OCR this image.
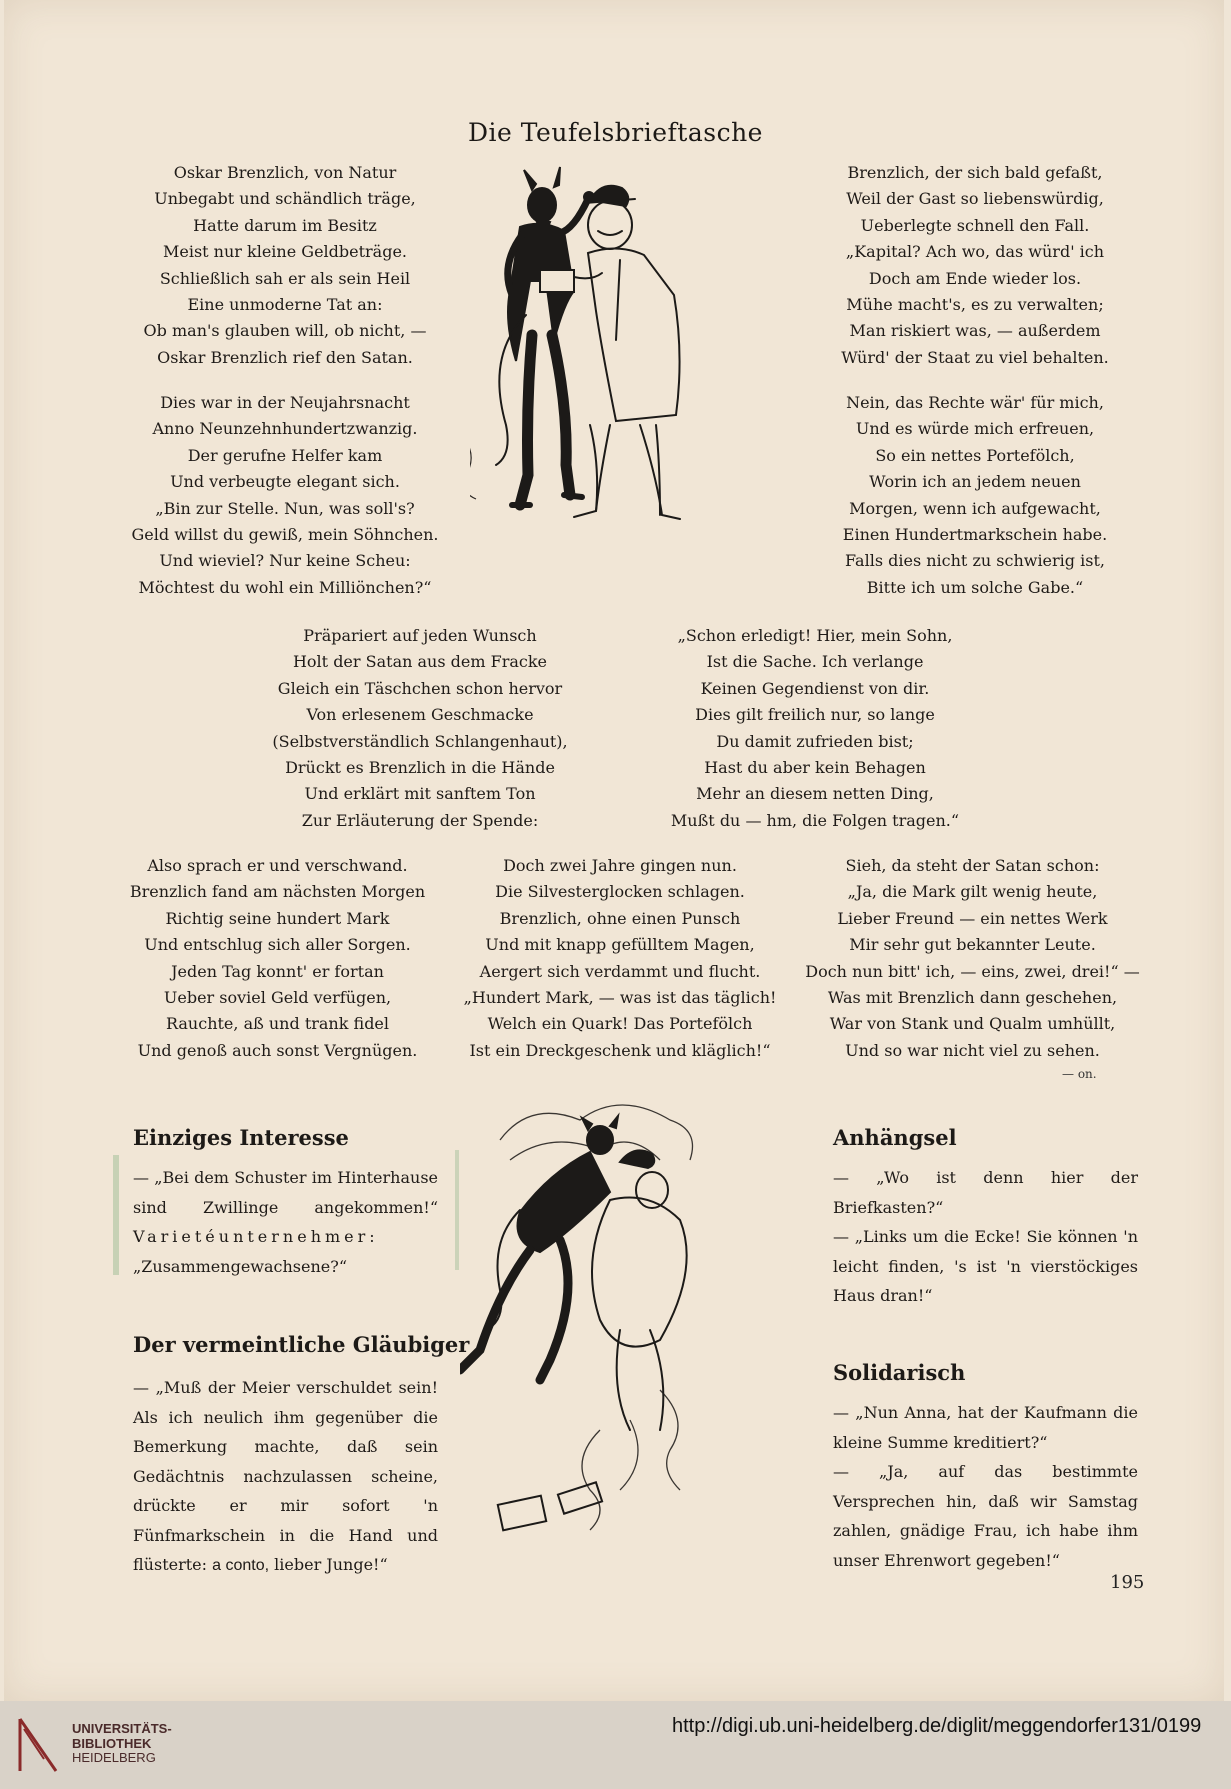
Die Teufelsbrieftasche
Oskar Brenzlich, von Natur
Unbegabt und schändlich träge,
Hatte darum im Besitz
Meist nur kleine Geldbeträge.
Schließlich sah er als sein Heil
Eine unmoderne Tat an:
Ob man's glauben will, ob nicht, —
Oskar Brenzlich rief den Satan.
Dies war in der Neujahrsnacht
Anno Neunzehnhundertzwanzig.
Der gerufne Helfer kam
Und verbeugte elegant sich.
„Bin zur Stelle. Nun, was soll's?
Geld willst du gewiß, mein Söhnchen.
Und wieviel? Nur keine Scheu:
Möchtest du wohl ein Milliönchen?“
Brenzlich, der sich bald gefaßt,
Weil der Gast so liebenswürdig,
Ueberlegte schnell den Fall.
„Kapital? Ach wo, das würd' ich
Doch am Ende wieder los.
Mühe macht's, es zu verwalten;
Man riskiert was, — außerdem
Würd' der Staat zu viel behalten.
Nein, das Rechte wär' für mich,
Und es würde mich erfreuen,
So ein nettes Portefölch,
Worin ich an jedem neuen
Morgen, wenn ich aufgewacht,
Einen Hundertmarkschein habe.
Falls dies nicht zu schwierig ist,
Bitte ich um solche Gabe.“
Präpariert auf jeden Wunsch
Holt der Satan aus dem Fracke
Gleich ein Täschchen schon hervor
Von erlesenem Geschmacke
(Selbstverständlich Schlangenhaut),
Drückt es Brenzlich in die Hände
Und erklärt mit sanftem Ton
Zur Erläuterung der Spende:
„Schon erledigt! Hier, mein Sohn,
Ist die Sache. Ich verlange
Keinen Gegendienst von dir.
Dies gilt freilich nur, so lange
Du damit zufrieden bist;
Hast du aber kein Behagen
Mehr an diesem netten Ding,
Mußt du — hm, die Folgen tragen.“
Also sprach er und verschwand.
Brenzlich fand am nächsten Morgen
Richtig seine hundert Mark
Und entschlug sich aller Sorgen.
Jeden Tag konnt' er fortan
Ueber soviel Geld verfügen,
Rauchte, aß und trank fidel
Und genoß auch sonst Vergnügen.
Doch zwei Jahre gingen nun.
Die Silvesterglocken schlagen.
Brenzlich, ohne einen Punsch
Und mit knapp gefülltem Magen,
Aergert sich verdammt und flucht.
„Hundert Mark, — was ist das täglich!
Welch ein Quark! Das Portefölch
Ist ein Dreckgeschenk und kläglich!“
Sieh, da steht der Satan schon:
„Ja, die Mark gilt wenig heute,
Lieber Freund — ein nettes Werk
Mir sehr gut bekannter Leute.
Doch nun bitt' ich, — eins, zwei, drei!“ —
Was mit Brenzlich dann geschehen,
War von Stank und Qualm umhüllt,
Und so war nicht viel zu sehen.
— on.
Einziges Interesse

— „Bei dem Schuster im Hinterhause sind Zwillinge angekommen!“ Varietéunternehmer: „Zusammengewachsene?“

Der vermeintliche Gläubiger

— „Muß der Meier verschuldet sein! Als ich neulich ihm gegenüber die Bemerkung machte, daß sein Gedächtnis nachzulassen scheine, drückte er mir sofort 'n Fünfmarkschein in die Hand und flüsterte: a conto, lieber Junge!“

Anhängsel

— „Wo ist denn hier der Briefkasten?“

— „Links um die Ecke! Sie können 'n leicht finden, 's ist 'n vierstöckiges Haus dran!“

Solidarisch

— „Nun Anna, hat der Kaufmann die kleine Summe kreditiert?“

— „Ja, auf das bestimmte Versprechen hin, daß wir Samstag zahlen, gnädige Frau, ich habe ihm unser Ehrenwort gegeben!“

195
UNIVERSITÄTS-
BIBLIOTHEK
HEIDELBERG
http://digi.ub.uni-heidelberg.de/diglit/meggendorfer131/0199
